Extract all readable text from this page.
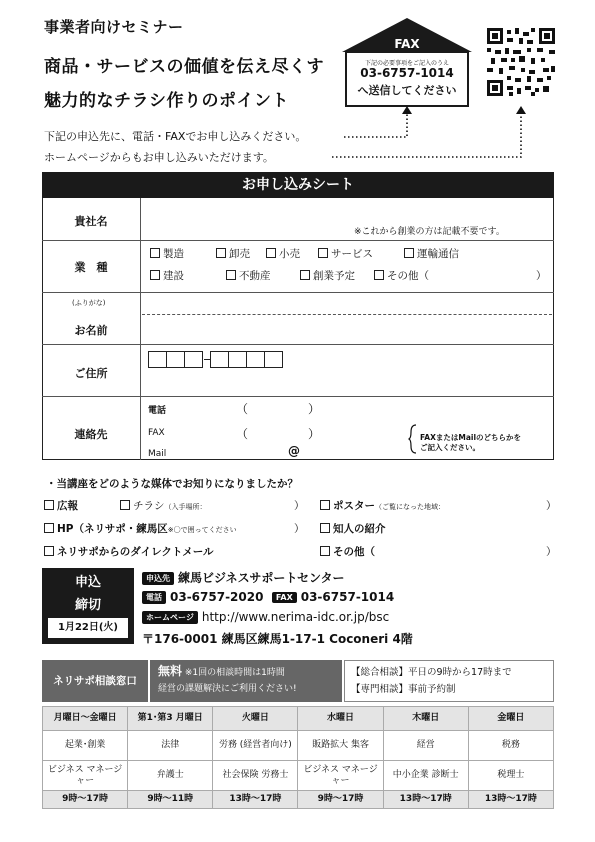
事業者向けセミナー
商品・サービスの価値を伝え尽くす
魅力的なチラシ作りのポイント
FAX
下記の必要事項をご記入のうえ
03-6757-1014
へ送信してください
下記の申込先に、電話・FAXでお申し込みください。
ホームページからもお申し込みいただけます。
お申し込みシート
貴社名
※これから創業の方は記載不要です。
業　種
製造	卸売	小売	サービス	運輸通信
建設	不動産	創業予定	その他（	）
(ふりがな)
お名前
ご住所
連絡先
電話	（	）
FAX	（	）
Mail	@
FAXまたはMailのどちらかを
ご記入ください。
・当講座をどのような媒体でお知りになりましたか？
広報	チラシ（入手場所：	）	ポスター（ご覧になった地域：	）
HP（ネリサポ・練馬区※〇で囲ってください	）	知人の紹介
ネリサポからのダイレクトメール	その他（	）
申込
締切
1月22日(火)
申込先 練馬ビジネスサポートセンター
電話 03-6757-2020 FAX 03-6757-1014
ホームページ http://www.nerima-idc.or.jp/bsc
〒176-0001 練馬区練馬1-17-1 Coconeri 4階
ネリサポ相談窓口
無料 ※1回の相談時間は1時間
経営の課題解決にご利用ください!
【総合相談】平日の9時から17時まで
【専門相談】事前予約制
月曜日～金曜日	第1･第3 月曜日	火曜日	水曜日	木曜日	金曜日
起業･創業	法律	労務 (経営者向け)	販路拡大 集客	経営	税務
ビジネス マネージャー	弁護士	社会保険 労務士	ビジネス マネージャー	中小企業 診断士	税理士
9時～17時	9時～11時	13時～17時	9時～17時	13時～17時	13時～17時
